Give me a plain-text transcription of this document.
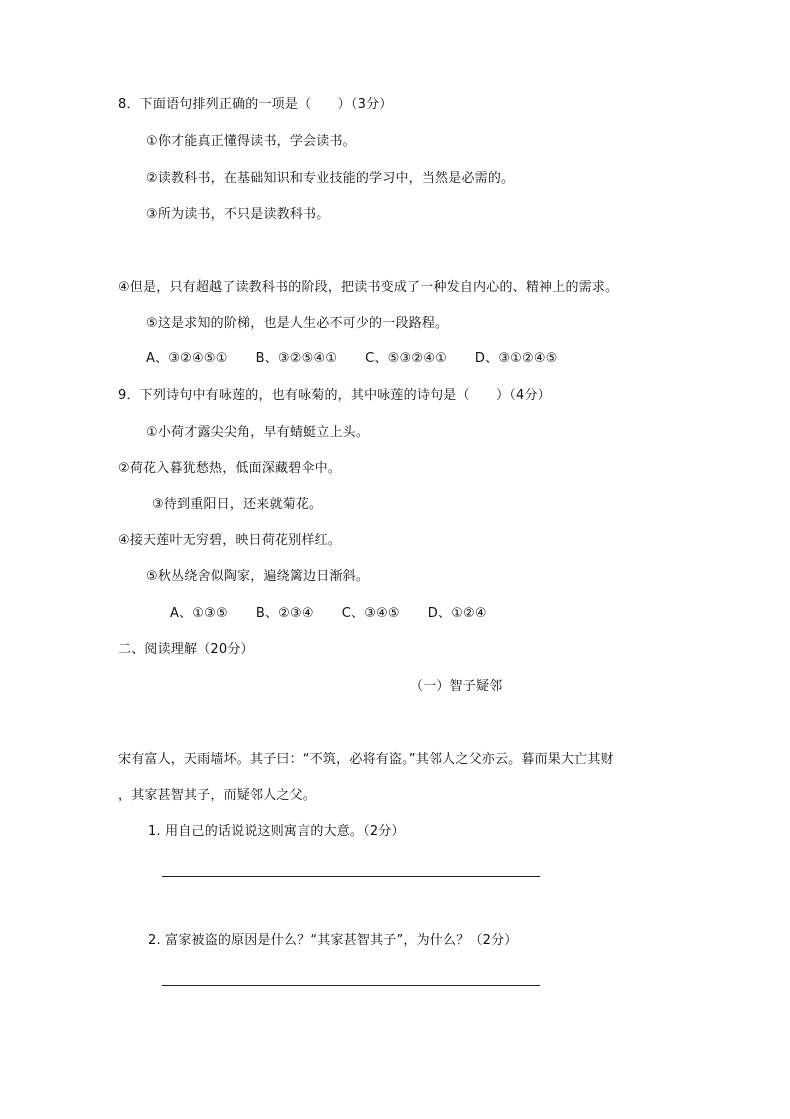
8．下面语句排列正确的一项是（　　）（3分）
①你才能真正懂得读书，学会读书。
②读教科书，在基础知识和专业技能的学习中，当然是必需的。
③所为读书，不只是读教科书。
④但是，只有超越了读教科书的阶段，把读书变成了一种发自内心的、精神上的需求。
⑤这是求知的阶梯，也是人生必不可少的一段路程。
A、③②④⑤① B、③②⑤④① C、⑤③②④① D、③①②④⑤
9．下列诗句中有咏莲的，也有咏菊的，其中咏莲的诗句是（　　）（4分）
①小荷才露尖尖角，早有蜻蜓立上头。
②荷花入暮犹愁热，低面深藏碧伞中。
③待到重阳日，还来就菊花。
④接天莲叶无穷碧，映日荷花别样红。
⑤秋丛绕舍似陶家，遍绕篱边日渐斜。
A、①③⑤ B、②③④ C、③④⑤ D、①②④
二、阅读理解（20分）
（一）智子疑邻
宋有富人，天雨墙坏。其子曰：“不筑，必将有盗。”其邻人之父亦云。暮而果大亡其财
，其家甚智其子，而疑邻人之父。
1. 用自己的话说说这则寓言的大意。（2分）
2. 富家被盗的原因是什么？“其家甚智其子”，为什么？（2分）
